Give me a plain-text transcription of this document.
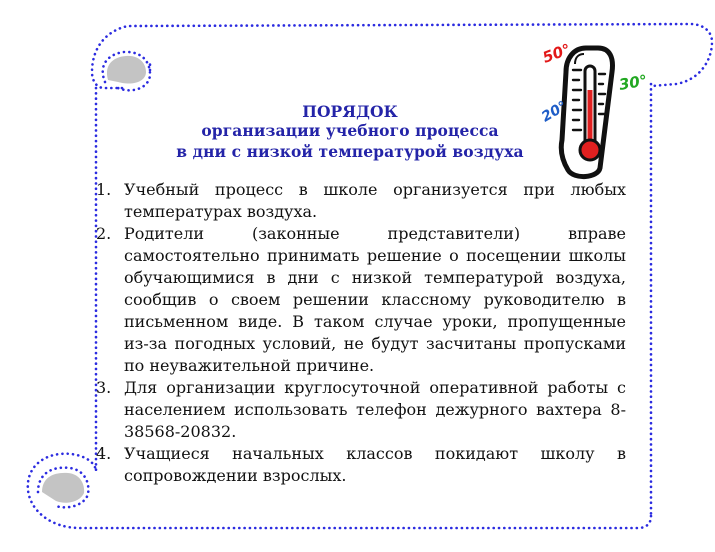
50°
30°
20°
ПОРЯДОК
организации учебного процесса
в дни с низкой температурой воздуха
1. Учебный процесс в школе организуется при любых температурах воздуха.
2. Родители (законные представители) вправе самостоятельно принимать решение о посещении школы обучающимися в дни с низкой температурой воздуха, сообщив о своем решении классному руководителю в письменном виде. В таком случае уроки, пропущенные из-за погодных условий, не будут засчитаны пропусками по неуважительной причине.
3. Для организации круглосуточной оперативной работы с населением использовать телефон дежурного вахтера 8-38568-20832.
4. Учащиеся начальных классов покидают школу в сопровождении взрослых.
